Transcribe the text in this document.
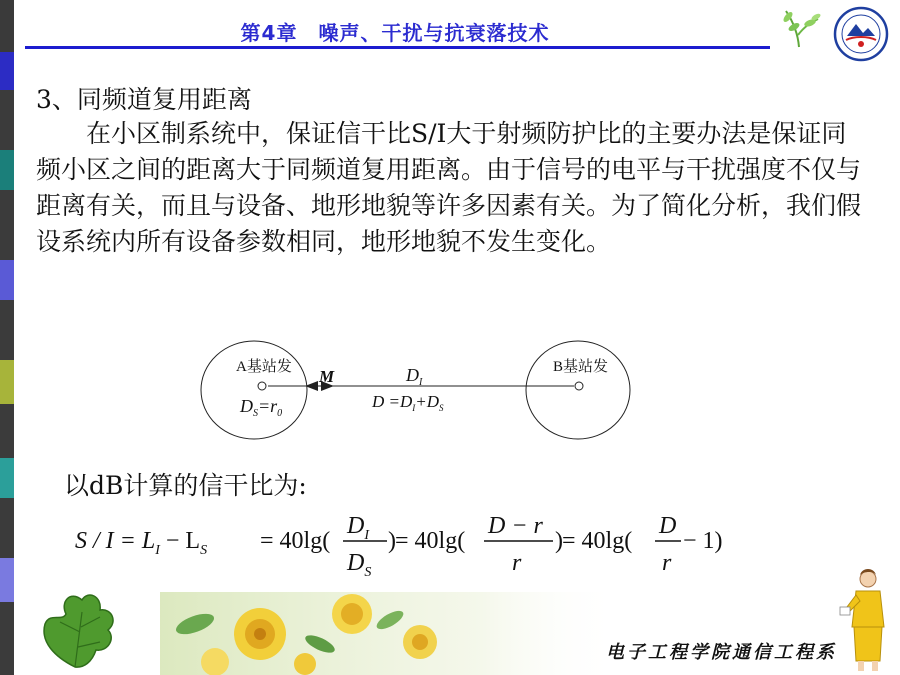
第4章　噪声、干扰与抗衰落技术
3、同频道复用距离

在小区制系统中，保证信干比S/I大于射频防护比的主要办法是保证同频小区之间的距离大于同频道复用距离。由于信号的电平与干扰强度不仅与距离有关，而且与设备、地形地貌等许多因素有关。为了简化分析，我们假设系统内所有设备参数相同，地形地貌不发生变化。

A基站发	B基站发
M	$D_I$
$D_S=r_0$
$D =D_I+D_S$
以dB计算的信干比为:
$S / I = L_I - L_S = 40\lg$(
$D_I$
$D_S$
) = 40lg(
D − r
r
) = 40lg(
D
r
− 1)
电子工程学院通信工程系
